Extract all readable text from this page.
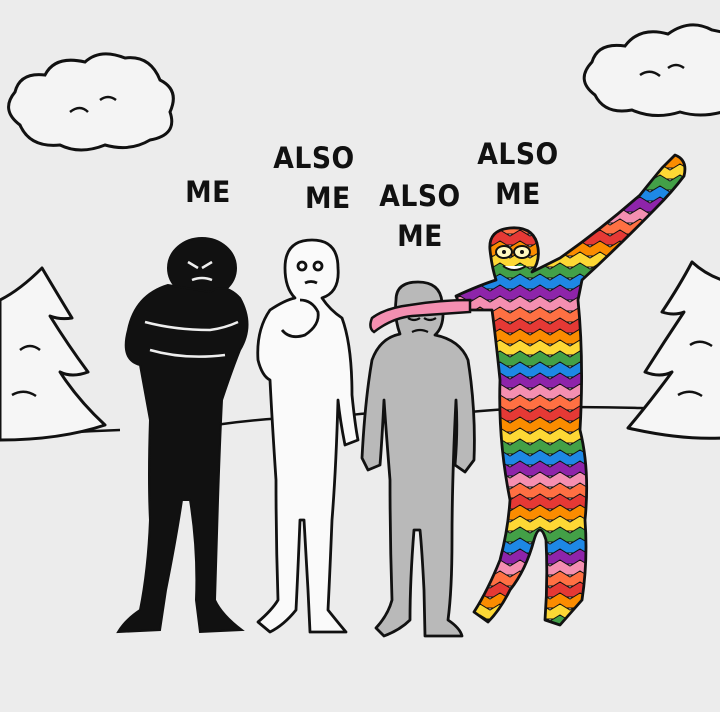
ME
ALSO
ME ALSO
ME
ALSO
ME
